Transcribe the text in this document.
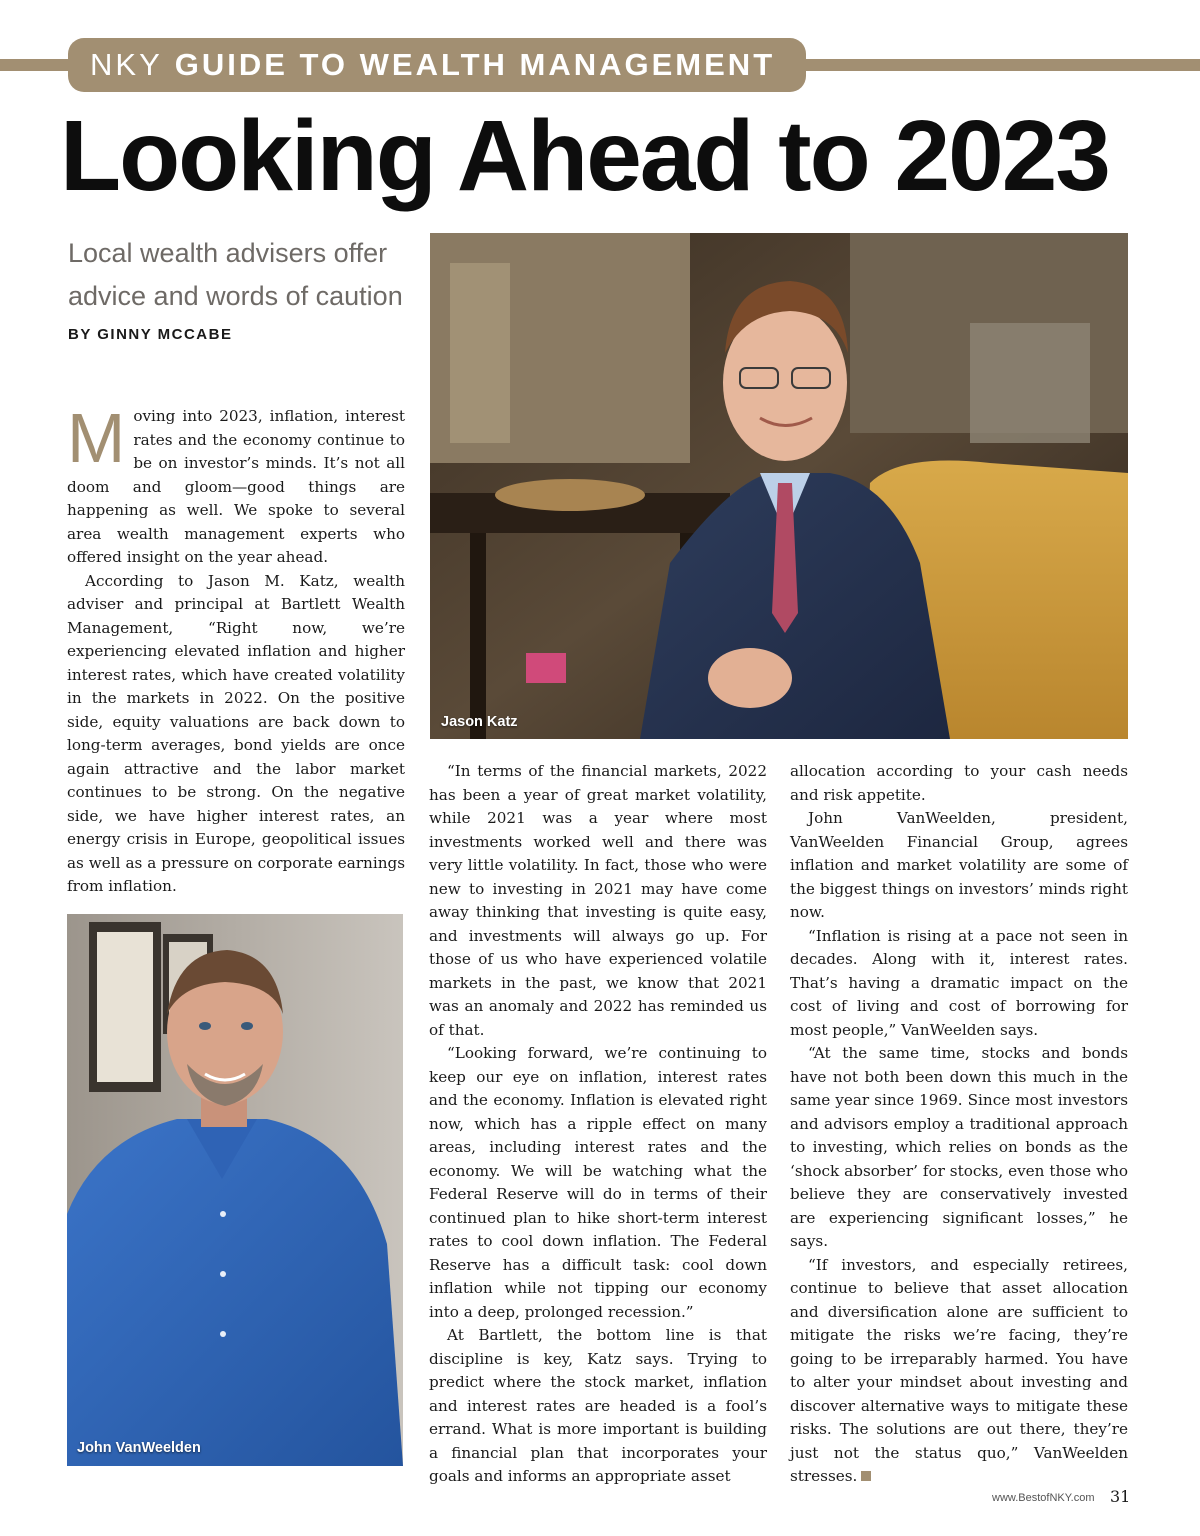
NKY GUIDE TO WEALTH MANAGEMENT
Looking Ahead to 2023
Local wealth advisers offer advice and words of caution
BY GINNY MCCABE

Moving into 2023, inflation, interest rates and the economy continue to be on investor’s minds. It’s not all doom and gloom—good things are happening as well. We spoke to several area wealth management experts who offered insight on the year ahead.

According to Jason M. Katz, wealth adviser and principal at Bartlett Wealth Management, “Right now, we’re experiencing elevated inflation and higher interest rates, which have created volatility in the markets in 2022. On the positive side, equity valuations are back down to long-term averages, bond yields are once again attractive and the labor market continues to be strong. On the negative side, we have higher interest rates, an energy crisis in Europe, geopolitical issues as well as a pressure on corporate earnings from inflation.

Jason Katz
John VanWeelden

“In terms of the financial markets, 2022 has been a year of great market volatility, while 2021 was a year where most investments worked well and there was very little volatility. In fact, those who were new to investing in 2021 may have come away thinking that investing is quite easy, and investments will always go up. For those of us who have experienced volatile markets in the past, we know that 2021 was an anomaly and 2022 has reminded us of that.

“Looking forward, we’re continuing to keep our eye on inflation, interest rates and the economy. Inflation is elevated right now, which has a ripple effect on many areas, including interest rates and the economy. We will be watching what the Federal Reserve will do in terms of their continued plan to hike short-term interest rates to cool down inflation. The Federal Reserve has a difficult task: cool down inflation while not tipping our economy into a deep, prolonged recession.”

At Bartlett, the bottom line is that discipline is key, Katz says. Trying to predict where the stock market, inflation and interest rates are headed is a fool’s errand. What is more important is building a financial plan that incorporates your goals and informs an appropriate asset

allocation according to your cash needs and risk appetite.

John VanWeelden, president, VanWeelden Financial Group, agrees inflation and market volatility are some of the biggest things on investors’ minds right now.

“Inflation is rising at a pace not seen in decades. Along with it, interest rates. That’s having a dramatic impact on the cost of living and cost of borrowing for most people,” VanWeelden says.

“At the same time, stocks and bonds have not both been down this much in the same year since 1969. Since most investors and advisors employ a traditional approach to investing, which relies on bonds as the ‘shock absorber’ for stocks, even those who believe they are conservatively invested are experiencing significant losses,” he says.

“If investors, and especially retirees, continue to believe that asset allocation and diversification alone are sufficient to mitigate the risks we’re facing, they’re going to be irreparably harmed. You have to alter your mindset about investing and discover alternative ways to mitigate these risks. The solutions are out there, they’re just not the status quo,” VanWeelden stresses.

www.BestofNKY.com 31
